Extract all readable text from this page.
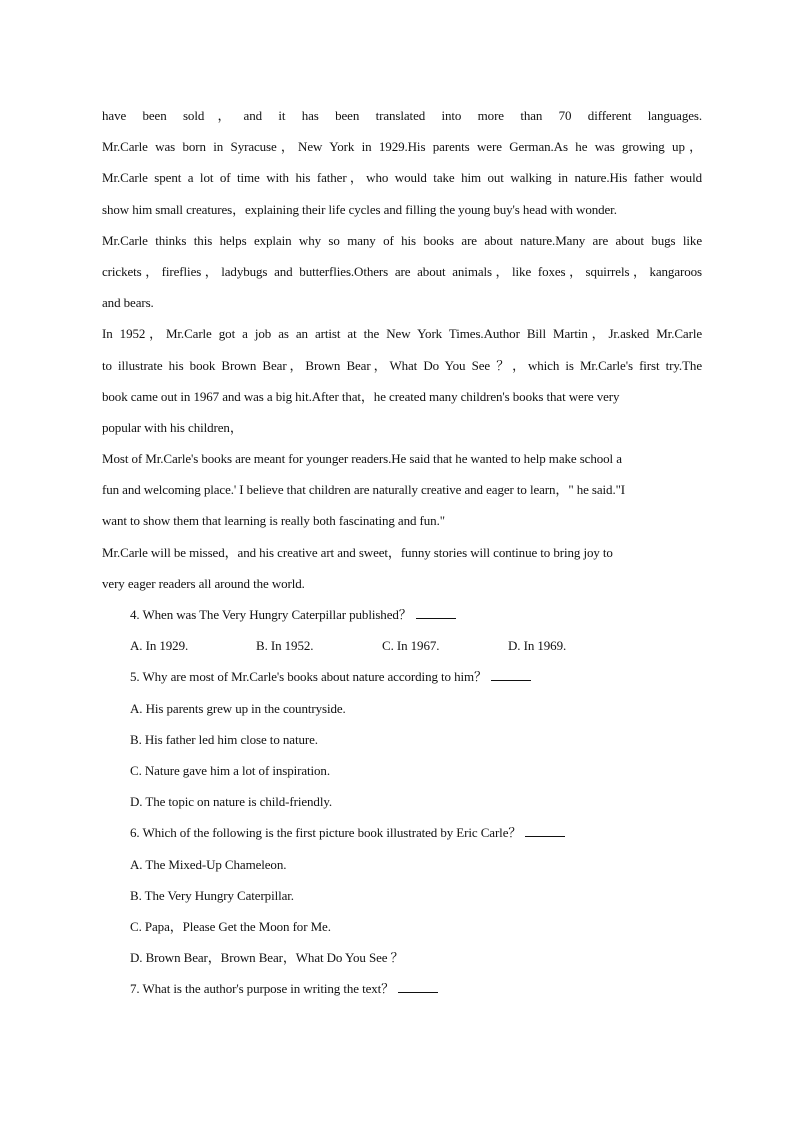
have been sold，and it has been translated into more than 70 different languages.
Mr.Carle was born in Syracuse，New York in 1929.His parents were German.As he was growing up，
Mr.Carle spent a lot of time with his father，who would take him out walking in nature.His father would
show him small creatures，explaining their life cycles and filling the young buy's head with wonder.
Mr.Carle thinks this helps explain why so many of his books are about nature.Many are about bugs like
crickets，fireflies，ladybugs and butterflies.Others are about animals，like foxes，squirrels，kangaroos
and bears.
In 1952，Mr.Carle got a job as an artist at the New York Times.Author Bill Martin，Jr.asked Mr.Carle
to illustrate his book Brown Bear，Brown Bear，What Do You See ？，which is Mr.Carle's first try.The
book came out in 1967 and was a big hit.After that，he created many children's books that were very
popular with his children，
Most of Mr.Carle's books are meant for younger readers.He said that he wanted to help make school a
fun and welcoming place.' I believe that children are naturally creative and eager to learn，" he said."I
want to show them that learning is really both fascinating and fun."
Mr.Carle will be missed，and his creative art and sweet，funny stories will continue to bring joy to
very eager readers all around the world.
4. When was The Very Hungry Caterpillar published？
A. In 1929.	B. In 1952.	C. In 1967.	D. In 1969.
5. Why are most of Mr.Carle's books about nature according to him？
A. His parents grew up in the countryside.
B. His father led him close to nature.
C. Nature gave him a lot of inspiration.
D. The topic on nature is child-friendly.
6. Which of the following is the first picture book illustrated by Eric Carle？
A. The Mixed-Up Chameleon.
B. The Very Hungry Caterpillar.
C. Papa，Please Get the Moon for Me.
D. Brown Bear，Brown Bear，What Do You See ？
7. What is the author's purpose in writing the text？
